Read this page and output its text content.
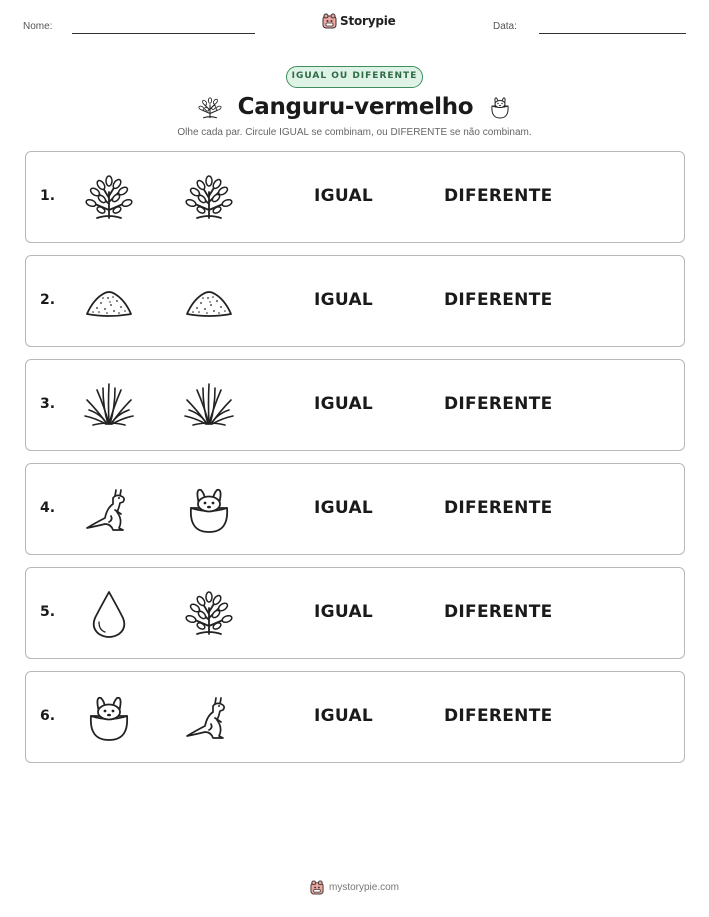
Nome:	Storypie	Data:
IGUAL OU DIFERENTE
Canguru-vermelho
Olhe cada par. Circule IGUAL se combinam, ou DIFERENTE se não combinam.
1.	IGUAL	DIFERENTE
2.	IGUAL	DIFERENTE
3.	IGUAL	DIFERENTE
4.	IGUAL	DIFERENTE
5.	IGUAL	DIFERENTE
6.	IGUAL	DIFERENTE
mystorypie.com
